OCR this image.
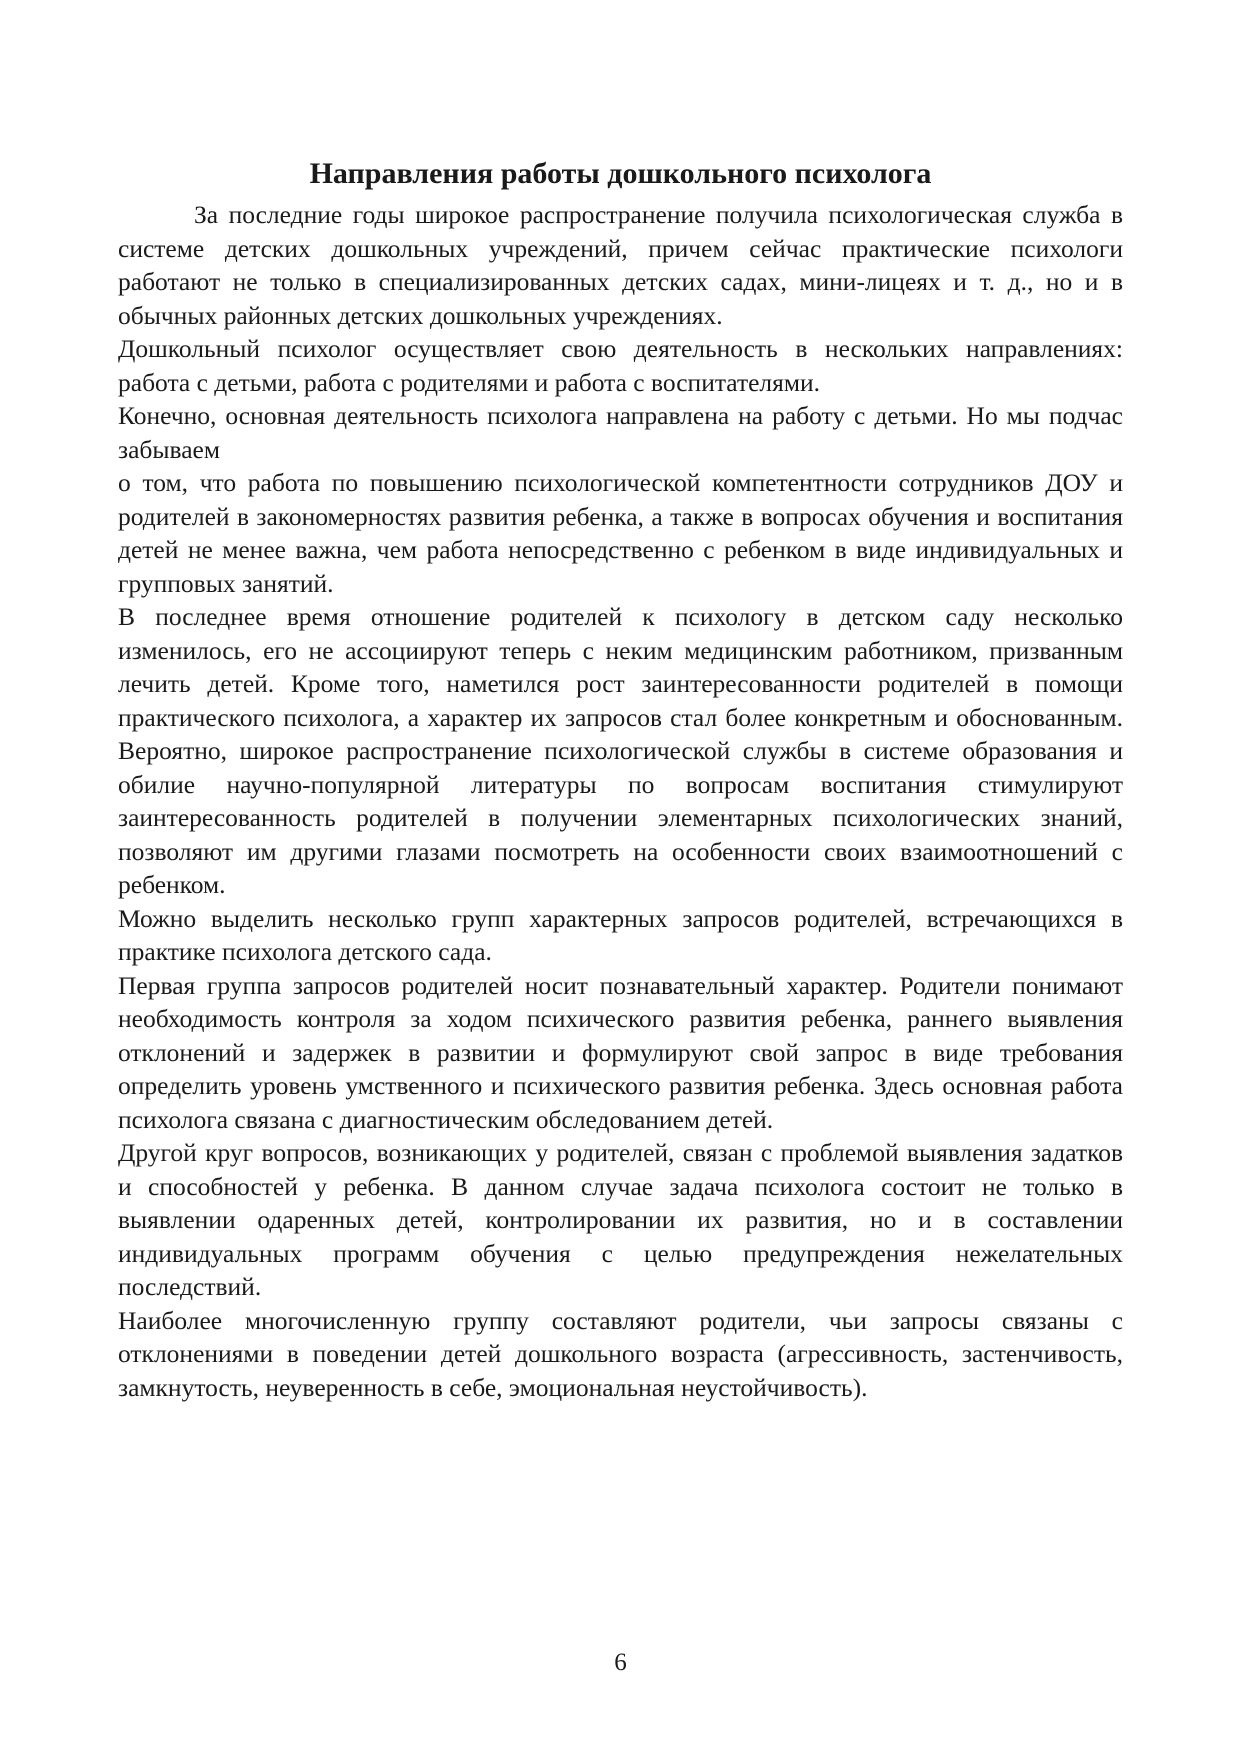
Направления работы дошкольного психолога

За последние годы широкое распространение получила психологическая служба в системе детских дошкольных учреждений, причем сейчас практические психологи работают не только в специализированных детских садах, мини-лицеях и т. д., но и в обычных районных детских дошкольных учреждениях.

Дошкольный психолог осуществляет свою деятельность в нескольких направлениях: работа с детьми, работа с родителями и работа с воспитателями.

Конечно, основная деятельность психолога направлена на работу с детьми. Но мы подчас забываем

о том, что работа по повышению психологической компетентности сотрудников ДОУ и родителей в закономерностях развития ребенка, а также в вопросах обучения и воспитания детей не менее важна, чем работа непосредственно с ребенком в виде индивидуальных и групповых занятий.

В последнее время отношение родителей к психологу в детском саду несколько изменилось, его не ассоциируют теперь с неким медицинским работником, призванным лечить детей. Кроме того, наметился рост заинтересованности родителей в помощи практического психолога, а характер их запросов стал более конкретным и обоснованным. Вероятно, широкое распространение психологической службы в системе образования и обилие научно-популярной литературы по вопросам воспитания стимулируют заинтересованность родителей в получении элементарных психологических знаний, позволяют им другими глазами посмотреть на особенности своих взаимоотношений с ребенком.

Можно выделить несколько групп характерных запросов родителей, встречающихся в практике психолога детского сада.

Первая группа запросов родителей носит познавательный характер. Родители понимают необходимость контроля за ходом психического развития ребенка, раннего выявления отклонений и задержек в развитии и формулируют свой запрос в виде требования определить уровень умственного и психического развития ребенка. Здесь основная работа психолога связана с диагностическим обследованием детей.

Другой круг вопросов, возникающих у родителей, связан с проблемой выявления задатков и способностей у ребенка. В данном случае задача психолога состоит не только в выявлении одаренных детей, контролировании их развития, но и в составлении индивидуальных программ обучения с целью предупреждения нежелательных последствий.

Наиболее многочисленную группу составляют родители, чьи запросы связаны с отклонениями в поведении детей дошкольного возраста (агрессивность, застенчивость, замкнутость, неуверенность в себе, эмоциональная неустойчивость).

6
